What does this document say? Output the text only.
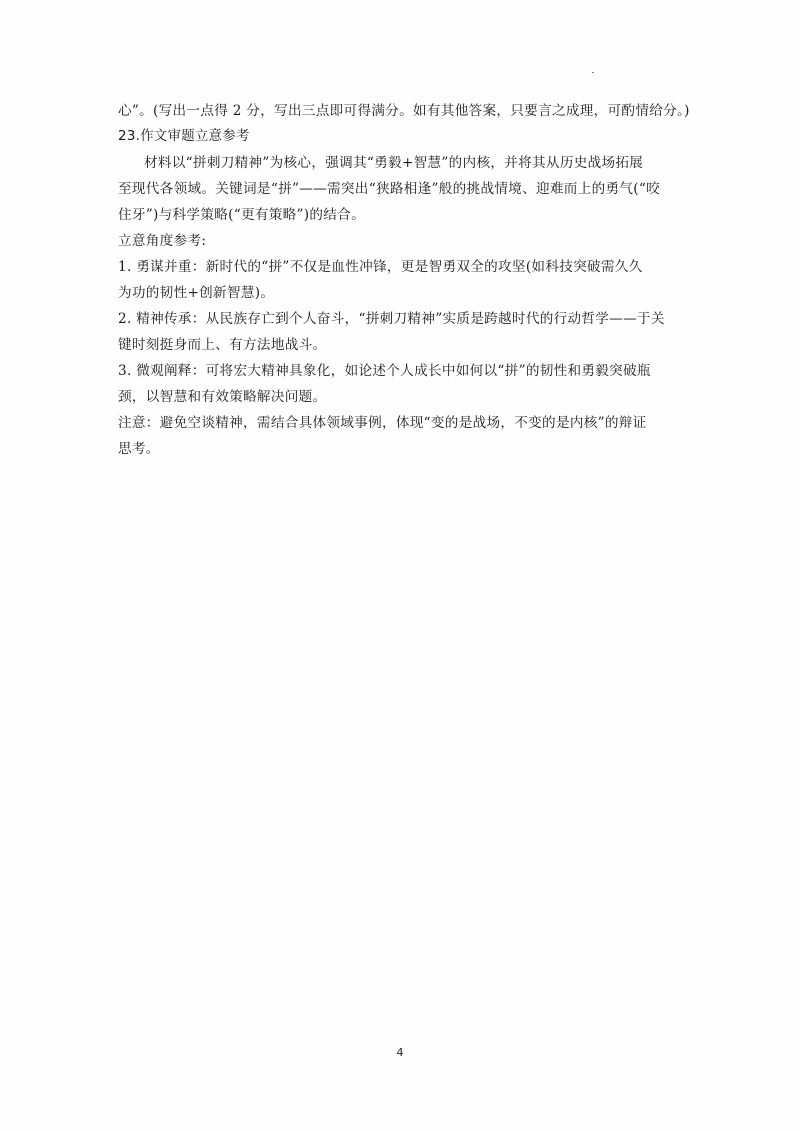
心”。(写出一点得 2 分，写出三点即可得满分。如有其他答案，只要言之成理，可酌情给分。)

23.作文审题立意参考

材料以“拼刺刀精神”为核心，强调其“勇毅+智慧”的内核，并将其从历史战场拓展

至现代各领域。关键词是“拼”——需突出“狭路相逢”般的挑战情境、迎难而上的勇气(“咬

住牙”)与科学策略(“更有策略”)的结合。

立意角度参考:

1. 勇谋并重：新时代的“拼”不仅是血性冲锋，更是智勇双全的攻坚(如科技突破需久久

为功的韧性+创新智慧)。

2. 精神传承：从民族存亡到个人奋斗，“拼刺刀精神”实质是跨越时代的行动哲学——于关

键时刻挺身而上、有方法地战斗。

3. 微观阐释：可将宏大精神具象化，如论述个人成长中如何以“拼”的韧性和勇毅突破瓶

颈，以智慧和有效策略解决问题。

注意：避免空谈精神，需结合具体领域事例，体现“变的是战场，不变的是内核”的辩证

思考。

4
